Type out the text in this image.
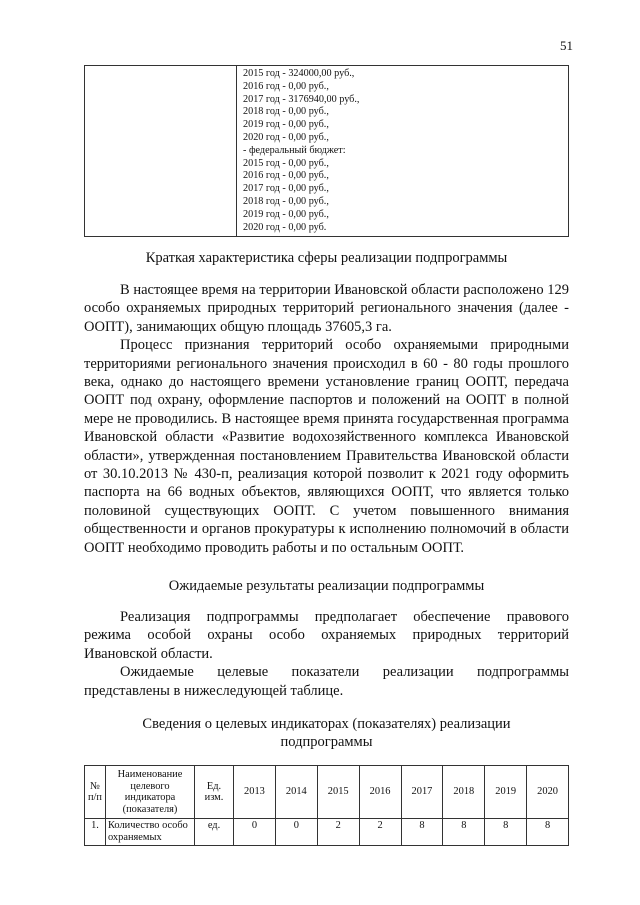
51

2015 год - 324000,00 руб.,
2016 год - 0,00 руб.,
2017 год - 3176940,00 руб.,
2018 год - 0,00 руб.,
2019 год - 0,00 руб.,
2020 год - 0,00 руб.,
- федеральный бюджет:
2015 год - 0,00 руб.,
2016 год - 0,00 руб.,
2017 год - 0,00 руб.,
2018 год - 0,00 руб.,
2019 год - 0,00 руб.,
2020 год - 0,00 руб.
Краткая характеристика сферы реализации подпрограммы

В настоящее время на территории Ивановской области расположено 129 особо охраняемых природных территорий регионального значения (далее - ООПТ), занимающих общую площадь 37605,3 га.

Процесс признания территорий особо охраняемыми природными территориями регионального значения происходил в 60 - 80 годы прошлого века, однако до настоящего времени установление границ ООПТ, передача ООПТ под охрану, оформление паспортов и положений на ООПТ в полной мере не проводились. В настоящее время принята государственная программа Ивановской области «Развитие водохозяйственного комплекса Ивановской области», утвержденная постановлением Правительства Ивановской области от 30.10.2013 № 430-п, реализация которой позволит к 2021 году оформить паспорта на 66 водных объектов, являющихся ООПТ, что является только половиной существующих ООПТ. С учетом повышенного внимания общественности и органов прокуратуры к исполнению полномочий в области ООПТ необходимо проводить работы и по остальным ООПТ.

Ожидаемые результаты реализации подпрограммы

Реализация подпрограммы предполагает обеспечение правового режима особой охраны особо охраняемых природных территорий Ивановской области.

Ожидаемые целевые показатели реализации подпрограммы представлены в нижеследующей таблице.

Сведения о целевых индикаторах (показателях) реализации
подпрограммы
№ п/п	Наименование целевого индикатора (показателя)	Ед. изм.	2013	2014	2015	2016	2017	2018	2019	2020
1.	Количество особо охраняемых	ед.	0	0	2	2	8	8	8	8
